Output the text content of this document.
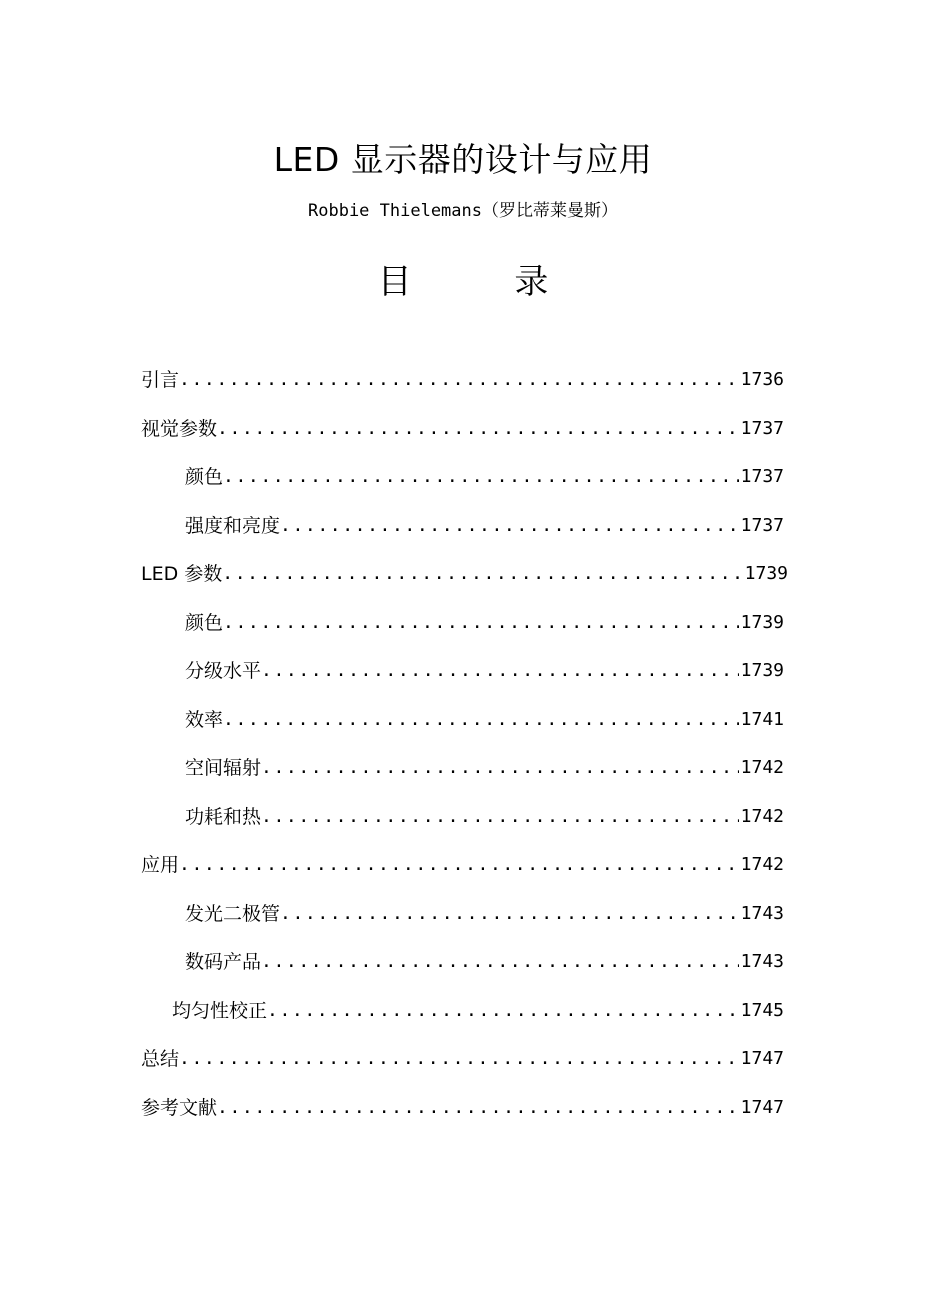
LED 显示器的设计与应用
Robbie Thielemans（罗比蒂莱曼斯）
目 录
引言 .....	1736
视觉参数 .....	1737
颜色 .....	1737
强度和亮度 .....	1737
LED 参数 .....	1739
颜色 .....	1739
分级水平 .....	1739
效率 .....	1741
空间辐射 .....	1742
功耗和热 .....	1742
应用 .....	1742
发光二极管 .....	1743
数码产品 .....	1743
均匀性校正 .....	1745
总结 .....	1747
参考文献 .....	1747
